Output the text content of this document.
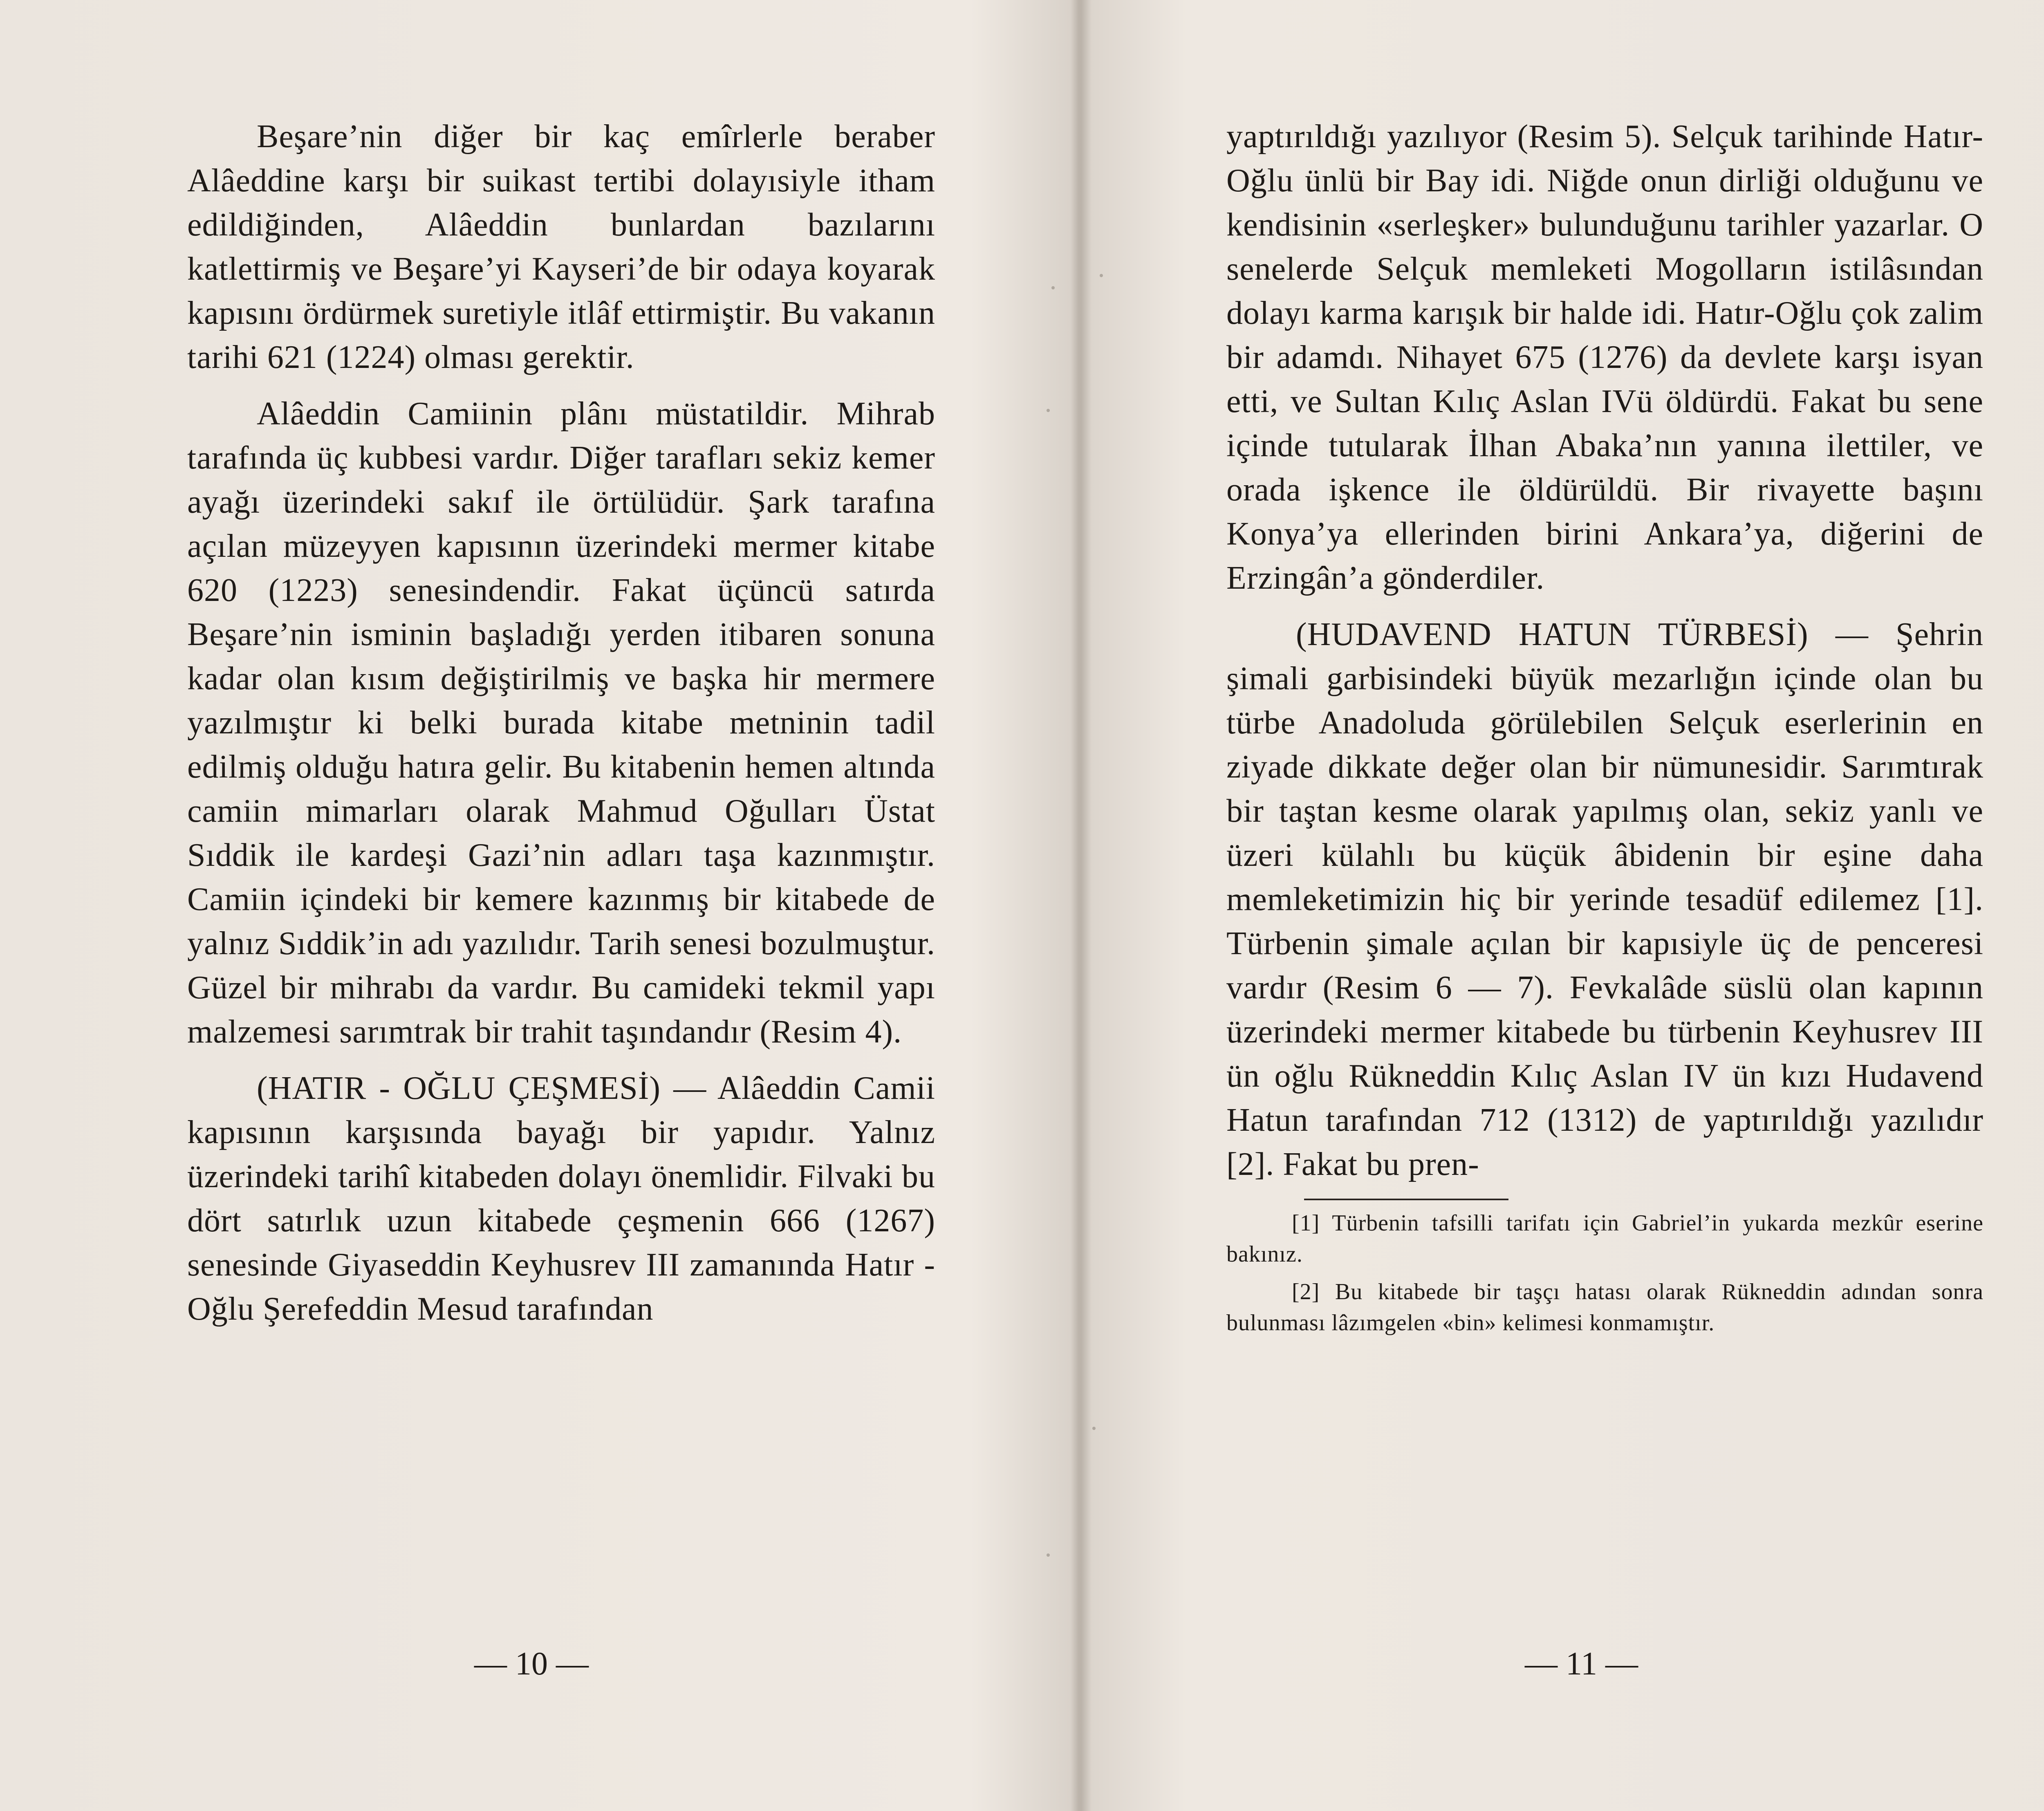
Beşare’nin diğer bir kaç emîrlerle beraber Alâeddine karşı bir suikast tertibi dolayısiyle itham edildiğinden, Alâeddin bunlardan bazılarını katlettirmiş ve Beşare’yi Kayseri’de bir odaya koyarak kapısını ördürmek suretiyle itlâf ettirmiştir. Bu vakanın tarihi 621 (1224) olması gerektir.

Alâeddin Camiinin plânı müstatildir. Mihrab tarafında üç kubbesi vardır. Diğer tarafları sekiz kemer ayağı üzerindeki sakıf ile örtülüdür. Şark tarafına açılan müzeyyen kapısının üzerindeki mermer kitabe 620 (1223) senesindendir. Fakat üçüncü satırda Beşare’nin isminin başladığı yerden itibaren sonuna kadar olan kısım değiştirilmiş ve başka hir mermere yazılmıştır ki belki burada kitabe metninin tadil edilmiş olduğu hatıra gelir. Bu kitabenin hemen altında camiin mimarları olarak Mahmud Oğulları Üstat Sıddik ile kardeşi Gazi’nin adları taşa kazınmıştır. Camiin içindeki bir kemere kazınmış bir kitabede de yalnız Sıddik’in adı yazılıdır. Tarih senesi bozulmuştur. Güzel bir mihrabı da vardır. Bu camideki tekmil yapı malzemesi sarımtrak bir trahit taşındandır (Resim 4).

(HATIR - OĞLU ÇEŞMESİ) — Alâeddin Camii kapısının karşısında bayağı bir yapıdır. Yalnız üzerindeki tarihî kitabeden dolayı önemlidir. Filvaki bu dört satırlık uzun kitabede çeşmenin 666 (1267) senesinde Giyaseddin Keyhusrev III zamanında Hatır - Oğlu Şerefeddin Mesud tarafından

— 10 —

yaptırıldığı yazılıyor (Resim 5). Selçuk tarihinde Hatır-Oğlu ünlü bir Bay idi. Niğde onun dirliği olduğunu ve kendisinin «serleşker» bulunduğunu tarihler yazarlar. O senelerde Selçuk memleketi Mogolların istilâsından dolayı karma karışık bir halde idi. Hatır-Oğlu çok zalim bir adamdı. Nihayet 675 (1276) da devlete karşı isyan etti, ve Sultan Kılıç Aslan IVü öldürdü. Fakat bu sene içinde tutularak İlhan Abaka’nın yanına ilettiler, ve orada işkence ile öldürüldü. Bir rivayette başını Konya’ya ellerinden birini Ankara’ya, diğerini de Erzingân’a gönderdiler.

(HUDAVEND HATUN TÜRBESİ) — Şehrin şimali garbisindeki büyük mezarlığın içinde olan bu türbe Anadoluda görülebilen Selçuk eserlerinin en ziyade dikkate değer olan bir nümunesidir. Sarımtırak bir taştan kesme olarak yapılmış olan, sekiz yanlı ve üzeri külahlı bu küçük âbidenin bir eşine daha memleketimizin hiç bir yerinde tesadüf edilemez [1]. Türbenin şimale açılan bir kapısiyle üç de penceresi vardır (Resim 6 — 7). Fevkalâde süslü olan kapının üzerindeki mermer kitabede bu türbenin Keyhusrev III ün oğlu Rükneddin Kılıç Aslan IV ün kızı Hudavend Hatun tarafından 712 (1312) de yaptırıldığı yazılıdır [2]. Fakat bu pren-

[1] Türbenin tafsilli tarifatı için Gabriel’in yukarda mezkûr eserine bakınız.

[2] Bu kitabede bir taşçı hatası olarak Rükneddin adından sonra bulunması lâzımgelen «bin» kelimesi konmamıştır.

— 11 —
